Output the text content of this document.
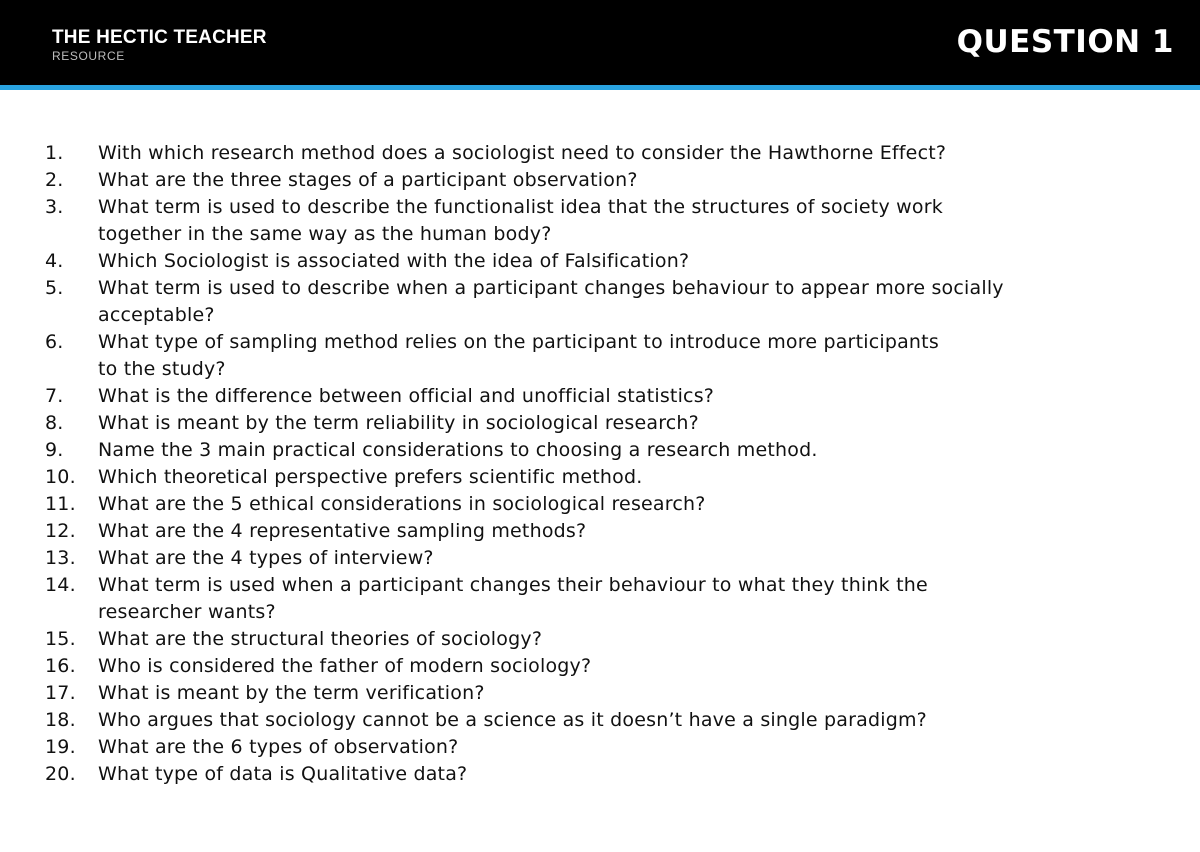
THE HECTIC TEACHER
RESOURCE	QUESTION 1
1.	With which research method does a sociologist need to consider the Hawthorne Effect?
2.	What are the three stages of a participant observation?
3.	What term is used to describe the functionalist idea that the structures of society work
together in the same way as the human body?
4.	Which Sociologist is associated with the idea of Falsification?
5.	What term is used to describe when a participant changes behaviour to appear more socially
acceptable?
6.	What type of sampling method relies on the participant to introduce more participants
to the study?
7.	What is the difference between official and unofficial statistics?
8.	What is meant by the term reliability in sociological research?
9.	Name the 3 main practical considerations to choosing a research method.
10.	Which theoretical perspective prefers scientific method.
11.	What are the 5 ethical considerations in sociological research?
12.	What are the 4 representative sampling methods?
13.	What are the 4 types of interview?
14.	What term is used when a participant changes their behaviour to what they think the
researcher wants?
15.	What are the structural theories of sociology?
16.	Who is considered the father of modern sociology?
17.	What is meant by the term verification?
18.	Who argues that sociology cannot be a science as it doesn’t have a single paradigm?
19.	What are the 6 types of observation?
20.	What type of data is Qualitative data?
